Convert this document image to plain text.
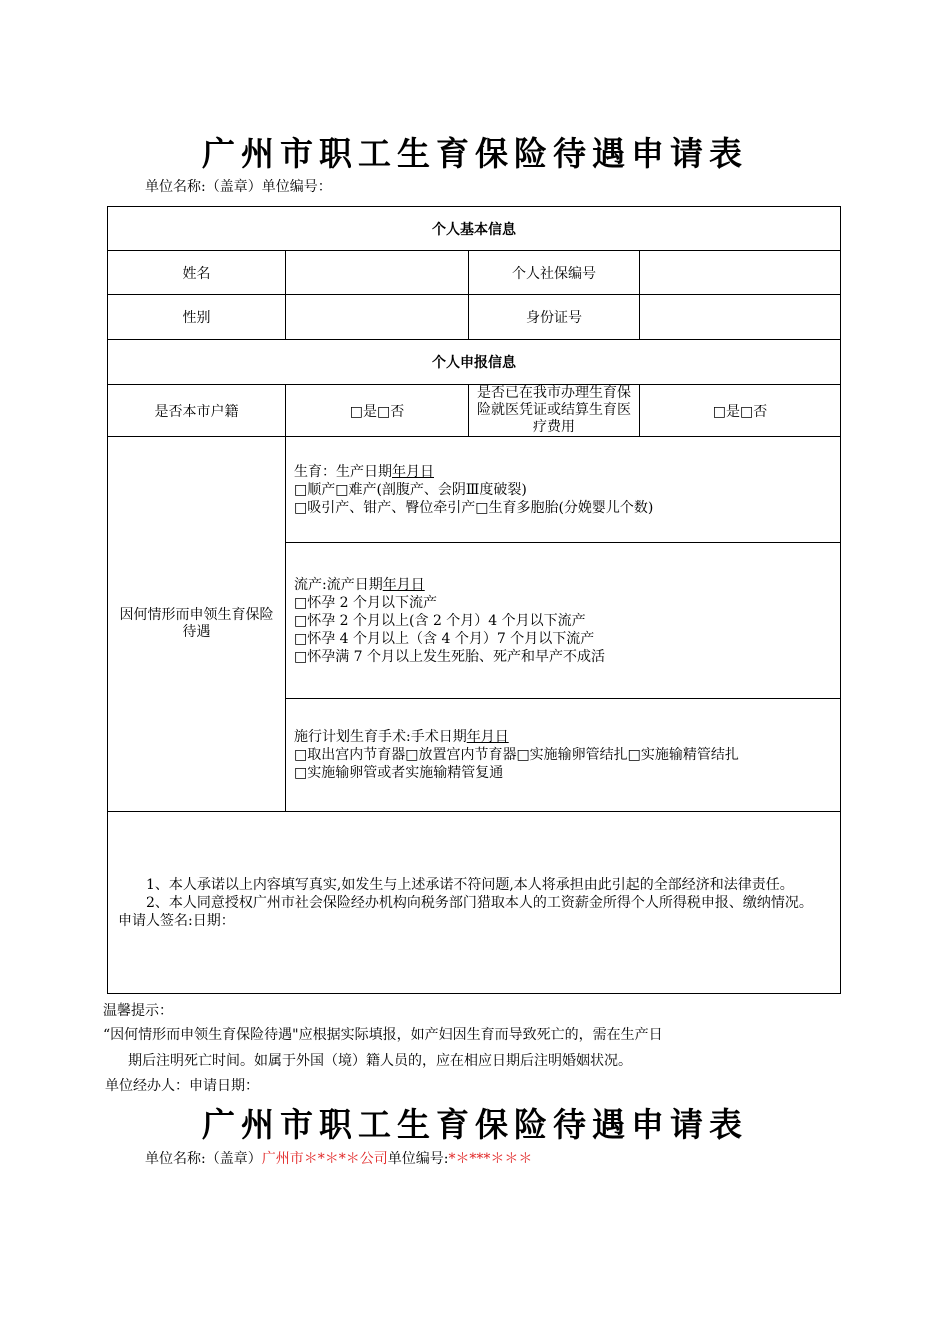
广州市职工生育保险待遇申请表
单位名称:（盖章）单位编号：
个人基本信息			
姓名		个人社保编号	
性别		身份证号	
个人申报信息			
是否本市户籍	□是□否	是否已在我市办理生育保险就医凭证或结算生育医疗费用	□是□否
因何情形而申领生育保险待遇	生育：生产日期年月日
□顺产□难产(剖腹产、会阴Ⅲ度破裂)
□吸引产、钳产、臀位牵引产□生育多胞胎(分娩婴儿个数)		

	流产:流产日期年月日
□怀孕 2 个月以下流产
□怀孕 2 个月以上(含 2 个月）4 个月以下流产
□怀孕 4 个月以上（含 4 个月）7 个月以下流产
□怀孕满 7 个月以上发生死胎、死产和早产不成活		

	施行计划生育手术:手术日期年月日
□取出宫内节育器□放置宫内节育器□实施输卵管结扎□实施输精管结扎
□实施输卵管或者实施输精管复通		

1、本人承诺以上内容填写真实,如发生与上述承诺不符问题,本人将承担由此引起的全部经济和法律责任。
2、本人同意授权广州市社会保险经办机构向税务部门猎取本人的工资薪金所得个人所得税申报、缴纳情况。
申请人签名:日期：			
温馨提示：
“因何情形而申领生育保险待遇"应根据实际填报，如产妇因生育而导致死亡的，需在生产日
期后注明死亡时间。如属于外国（境）籍人员的，应在相应日期后注明婚姻状况。
单位经办人：申请日期：
广州市职工生育保险待遇申请表
单位名称:（盖章）广州市＊*＊*＊公司单位编号:*＊***＊＊＊
